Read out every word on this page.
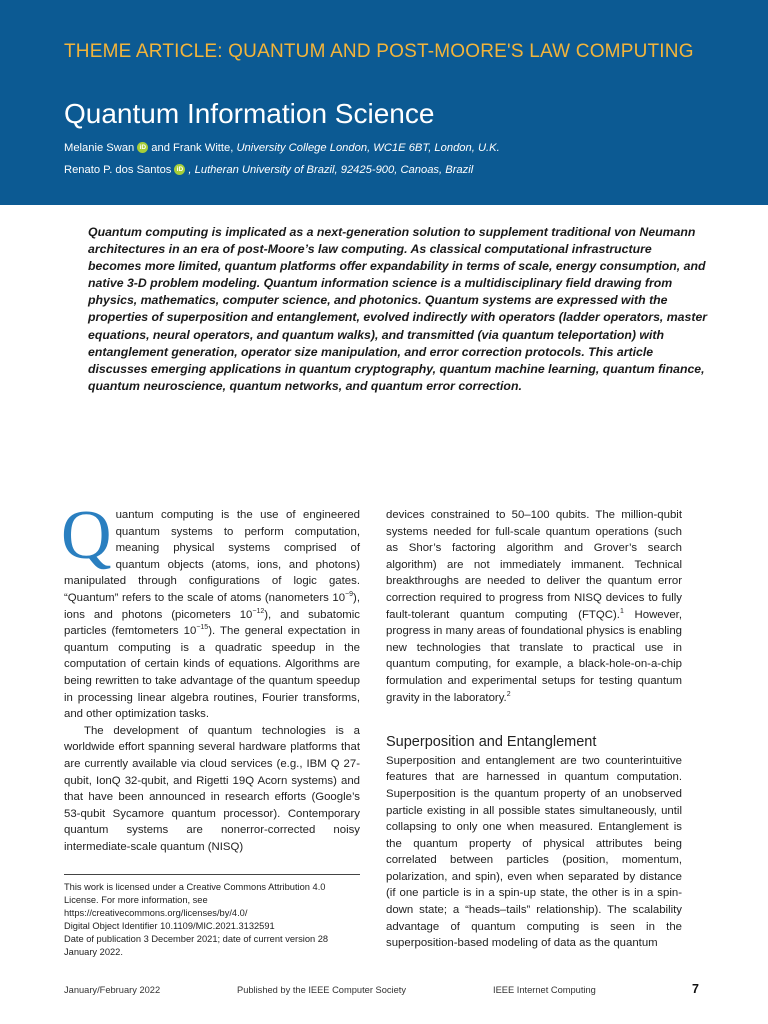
THEME ARTICLE: QUANTUM AND POST-MOORE'S LAW COMPUTING
Quantum Information Science
Melanie Swan iD and Frank Witte, University College London, WC1E 6BT, London, U.K.
Renato P. dos Santos iD , Lutheran University of Brazil, 92425-900, Canoas, Brazil

Quantum computing is implicated as a next-generation solution to supplement traditional von Neumann architectures in an era of post-Moore’s law computing. As classical computational infrastructure becomes more limited, quantum platforms offer expandability in terms of scale, energy consumption, and native 3-D problem modeling. Quantum information science is a multidisciplinary field drawing from physics, mathematics, computer science, and photonics. Quantum systems are expressed with the properties of superposition and entanglement, evolved indirectly with operators (ladder operators, master equations, neural operators, and quantum walks), and transmitted (via quantum teleportation) with entanglement generation, operator size manipulation, and error correction protocols. This article discusses emerging applications in quantum cryptography, quantum machine learning, quantum finance, quantum neuroscience, quantum networks, and quantum error correction.

Quantum computing is the use of engineered quantum systems to perform computation, meaning physical systems comprised of quantum objects (atoms, ions, and photons) manipulated through configurations of logic gates. “Quantum” refers to the scale of atoms (nanometers $10^{-9}$), ions and photons (picometers $10^{-12}$), and subatomic particles (femtometers $10^{-15}$). The general expectation in quantum computing is a quadratic speedup in the computation of certain kinds of equations. Algorithms are being rewritten to take advantage of the quantum speedup in processing linear algebra routines, Fourier transforms, and other optimization tasks.

The development of quantum technologies is a worldwide effort spanning several hardware platforms that are currently available via cloud services (e.g., IBM Q 27-qubit, IonQ 32-qubit, and Rigetti 19Q Acorn systems) and that have been announced in research efforts (Google’s 53-qubit Sycamore quantum processor). Contemporary quantum systems are nonerror-corrected noisy intermediate-scale quantum (NISQ)

devices constrained to 50–100 qubits. The million-qubit systems needed for full-scale quantum operations (such as Shor’s factoring algorithm and Grover’s search algorithm) are not immediately immanent. Technical breakthroughs are needed to deliver the quantum error correction required to progress from NISQ devices to fully fault-tolerant quantum computing (FTQC).$^1$ However, progress in many areas of foundational physics is enabling new technologies that translate to practical use in quantum computing, for example, a black-hole-on-a-chip formulation and experimental setups for testing quantum gravity in the laboratory.$^2$

Superposition and Entanglement

Superposition and entanglement are two counterintuitive features that are harnessed in quantum computation. Superposition is the quantum property of an unobserved particle existing in all possible states simultaneously, until collapsing to only one when measured. Entanglement is the quantum property of physical attributes being correlated between particles (position, momentum, polarization, and spin), even when separated by distance (if one particle is in a spin-up state, the other is in a spin-down state; a “heads–tails” relationship). The scalability advantage of quantum computing is seen in the superposition-based modeling of data as the quantum

This work is licensed under a Creative Commons Attribution 4.0 License. For more information, see https://creativecommons.org/licenses/by/4.0/

Digital Object Identifier 10.1109/MIC.2021.3132591

Date of publication 3 December 2021; date of current version 28 January 2022.

January/February 2022	Published by the IEEE Computer Society	IEEE Internet Computing	7
